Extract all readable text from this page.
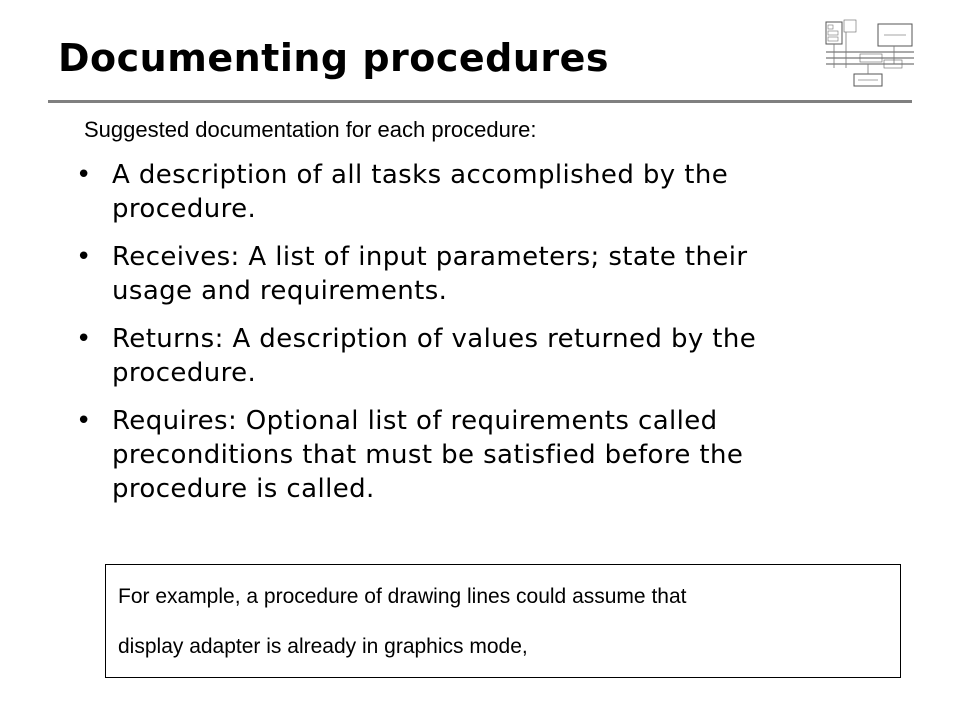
Documenting procedures
Suggested documentation for each procedure:
• A description of all tasks accomplished by the procedure.
• Receives: A list of input parameters; state their usage and requirements.
• Returns: A description of values returned by the procedure.
• Requires: Optional list of requirements called preconditions that must be satisfied before the procedure is called.
For example, a procedure of drawing lines could assume that
display adapter is already in graphics mode,
